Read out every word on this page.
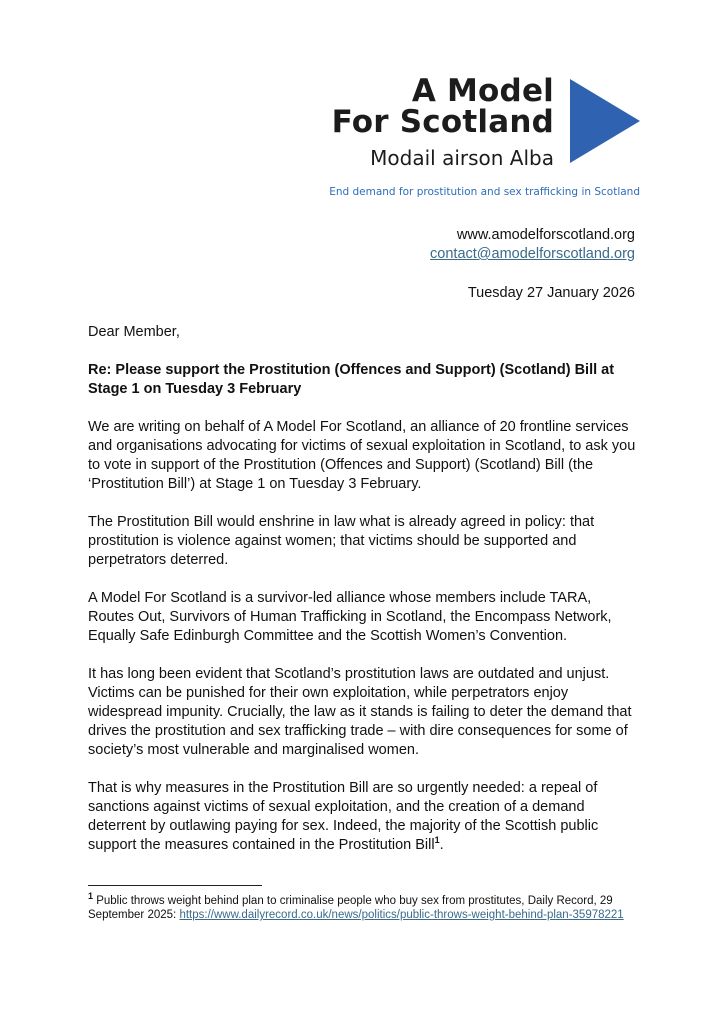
A Model
For Scotland
Modail airson Alba
End demand for prostitution and sex trafficking in Scotland
www.amodelforscotland.org
contact@amodelforscotland.org
Tuesday 27 January 2026

Dear Member,

Re: Please support the Prostitution (Offences and Support) (Scotland) Bill at Stage 1 on Tuesday 3 February

We are writing on behalf of A Model For Scotland, an alliance of 20 frontline services and organisations advocating for victims of sexual exploitation in Scotland, to ask you to vote in support of the Prostitution (Offences and Support) (Scotland) Bill (the ‘Prostitution Bill’) at Stage 1 on Tuesday 3 February.

The Prostitution Bill would enshrine in law what is already agreed in policy: that prostitution is violence against women; that victims should be supported and perpetrators deterred.

A Model For Scotland is a survivor-led alliance whose members include TARA, Routes Out, Survivors of Human Trafficking in Scotland, the Encompass Network, Equally Safe Edinburgh Committee and the Scottish Women’s Convention.

It has long been evident that Scotland’s prostitution laws are outdated and unjust. Victims can be punished for their own exploitation, while perpetrators enjoy widespread impunity. Crucially, the law as it stands is failing to deter the demand that drives the prostitution and sex trafficking trade – with dire consequences for some of society’s most vulnerable and marginalised women.

That is why measures in the Prostitution Bill are so urgently needed: a repeal of sanctions against victims of sexual exploitation, and the creation of a demand deterrent by outlawing paying for sex. Indeed, the majority of the Scottish public support the measures contained in the Prostitution Bill$^1$.

$^1$ Public throws weight behind plan to criminalise people who buy sex from prostitutes, Daily Record, 29 September 2025: https://www.dailyrecord.co.uk/news/politics/public-throws-weight-behind-plan-35978221
